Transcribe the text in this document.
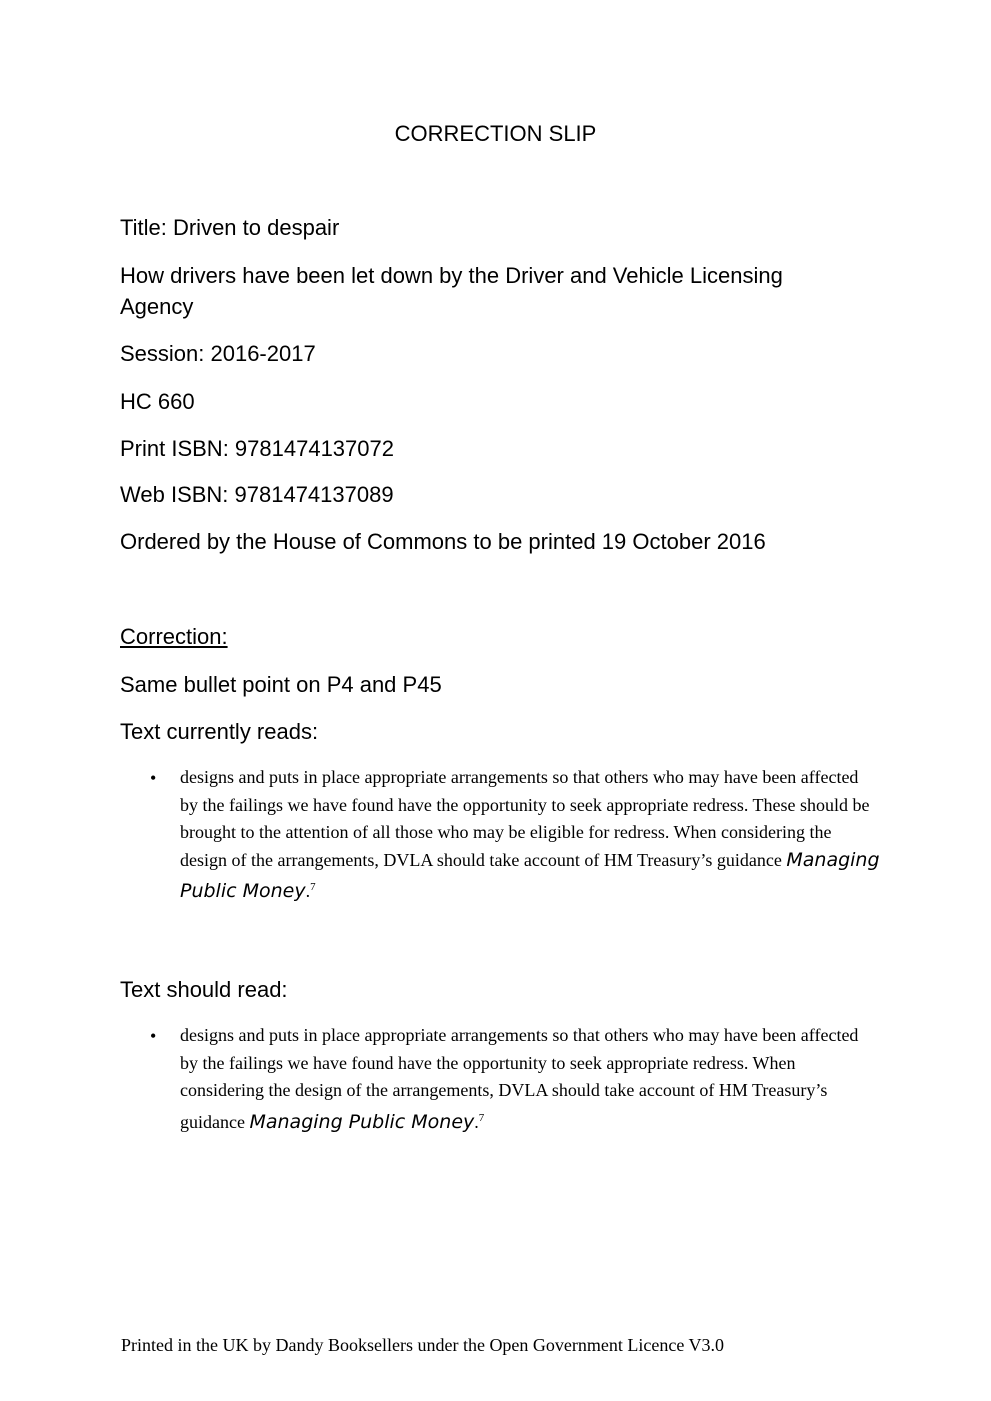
CORRECTION SLIP
Title: Driven to despair
How drivers have been let down by the Driver and Vehicle Licensing
Agency
Session: 2016-2017
HC 660
Print ISBN: 9781474137072
Web ISBN: 9781474137089
Ordered by the House of Commons to be printed 19 October 2016
Correction:
Same bullet point on P4 and P45
Text currently reads:
• designs and puts in place appropriate arrangements so that others who may have been affected by the failings we have found have the opportunity to seek appropriate redress. These should be brought to the attention of all those who may be eligible for redress. When considering the design of the arrangements, DVLA should take account of HM Treasury’s guidance Managing Public Money.$^7$
Text should read:
• designs and puts in place appropriate arrangements so that others who may have been affected by the failings we have found have the opportunity to seek appropriate redress. When considering the design of the arrangements, DVLA should take account of HM Treasury’s guidance Managing Public Money.$^7$
Printed in the UK by Dandy Booksellers under the Open Government Licence V3.0
